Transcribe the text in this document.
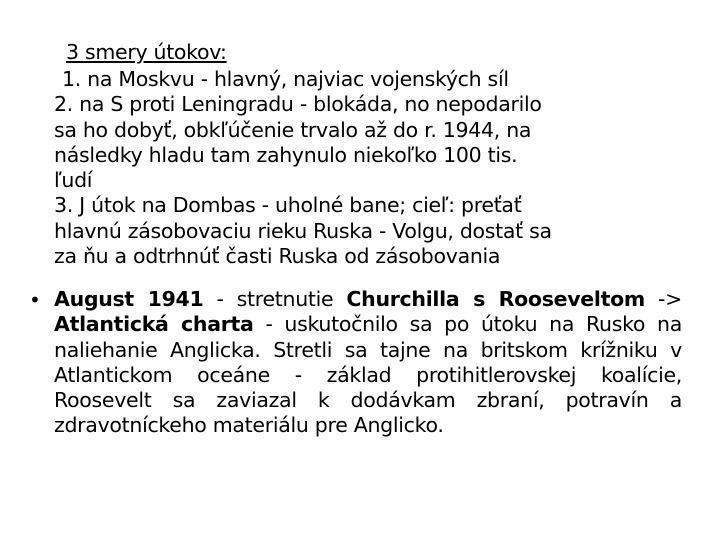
3 smery útokov:
1. na Moskvu - hlavný, najviac vojenských síl
2. na S proti Leningradu - blokáda, no nepodarilo
sa ho dobyť, obkľúčenie trvalo až do r. 1944, na
následky hladu tam zahynulo niekoľko 100 tis.
ľudí
3. J útok na Dombas - uholné bane; cieľ: preťať
hlavnú zásobovaciu rieku Ruska - Volgu, dostať sa
za ňu a odtrhnúť časti Ruska od zásobovania
• August 1941 - stretnutie Churchilla s Rooseveltom -> Atlantická charta - uskutočnilo sa po útoku na Rusko na naliehanie Anglicka. Stretli sa tajne na britskom krížniku v Atlantickom oceáne - základ protihitlerovskej koalície, Roosevelt sa zaviazal k dodávkam zbraní, potravín a zdravotníckeho materiálu pre Anglicko.
